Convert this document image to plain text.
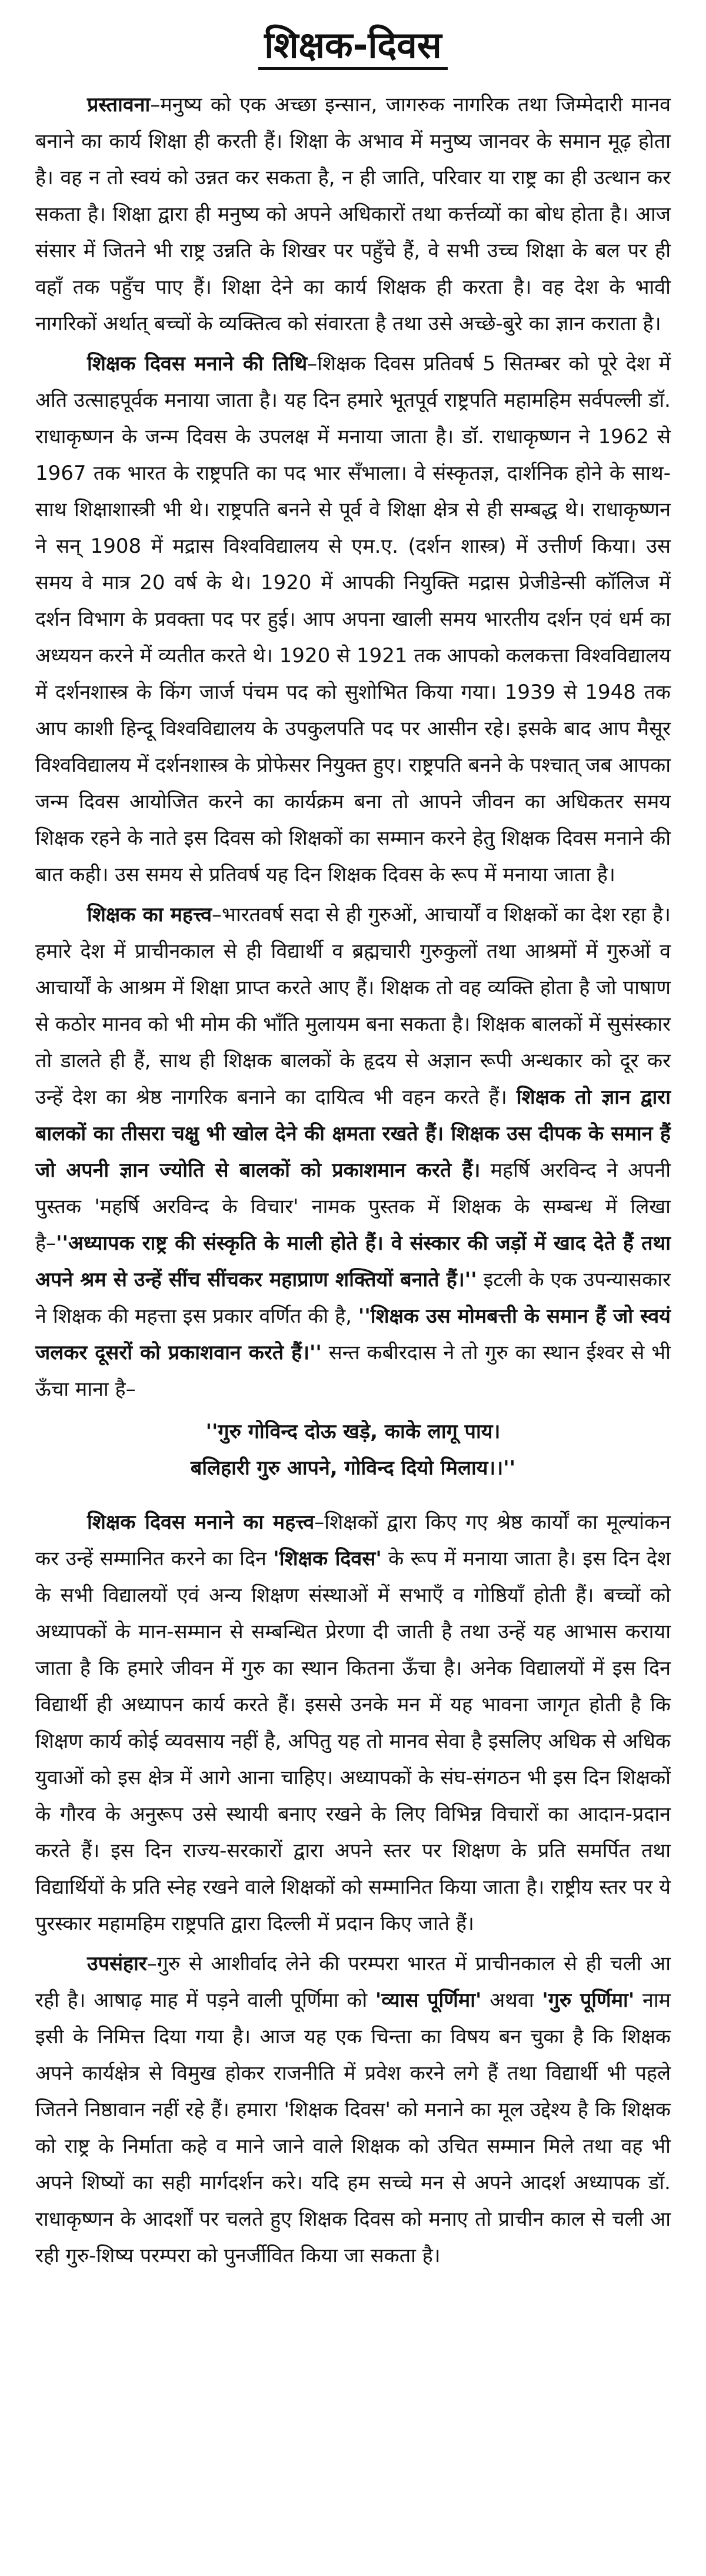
शिक्षक-दिवस

प्रस्तावना–मनुष्य को एक अच्छा इन्सान, जागरुक नागरिक तथा जिम्मेदारी मानव बनाने का कार्य शिक्षा ही करती हैं। शिक्षा के अभाव में मनुष्य जानवर के समान मूढ़ होता है। वह न तो स्वयं को उन्नत कर सकता है, न ही जाति, परिवार या राष्ट्र का ही उत्थान कर सकता है। शिक्षा द्वारा ही मनुष्य को अपने अधिकारों तथा कर्त्तव्यों का बोध होता है। आज संसार में जितने भी राष्ट्र उन्नति के शिखर पर पहुँचे हैं, वे सभी उच्च शिक्षा के बल पर ही वहाँ तक पहुँच पाए हैं। शिक्षा देने का कार्य शिक्षक ही करता है। वह देश के भावी नागरिकों अर्थात् बच्चों के व्यक्तित्व को संवारता है तथा उसे अच्छे-बुरे का ज्ञान कराता है।

शिक्षक दिवस मनाने की तिथि–शिक्षक दिवस प्रतिवर्ष 5 सितम्बर को पूरे देश में अति उत्साहपूर्वक मनाया जाता है। यह दिन हमारे भूतपूर्व राष्ट्रपति महामहिम सर्वपल्ली डॉ. राधाकृष्णन के जन्म दिवस के उपलक्ष में मनाया जाता है। डॉ. राधाकृष्णन ने 1962 से 1967 तक भारत के राष्ट्रपति का पद भार सँभाला। वे संस्कृतज्ञ, दार्शनिक होने के साथ-साथ शिक्षाशास्त्री भी थे। राष्ट्रपति बनने से पूर्व वे शिक्षा क्षेत्र से ही सम्बद्ध थे। राधाकृष्णन ने सन् 1908 में मद्रास विश्वविद्यालय से एम.ए. (दर्शन शास्त्र) में उत्तीर्ण किया। उस समय वे मात्र 20 वर्ष के थे। 1920 में आपकी नियुक्ति मद्रास प्रेजीडेन्सी कॉलिज में दर्शन विभाग के प्रवक्ता पद पर हुई। आप अपना खाली समय भारतीय दर्शन एवं धर्म का अध्ययन करने में व्यतीत करते थे। 1920 से 1921 तक आपको कलकत्ता विश्वविद्यालय में दर्शनशास्त्र के किंग जार्ज पंचम पद को सुशोभित किया गया। 1939 से 1948 तक आप काशी हिन्दू विश्वविद्यालय के उपकुलपति पद पर आसीन रहे। इसके बाद आप मैसूर विश्वविद्यालय में दर्शनशास्त्र के प्रोफेसर नियुक्त हुए। राष्ट्रपति बनने के पश्चात् जब आपका जन्म दिवस आयोजित करने का कार्यक्रम बना तो आपने जीवन का अधिकतर समय शिक्षक रहने के नाते इस दिवस को शिक्षकों का सम्मान करने हेतु शिक्षक दिवस मनाने की बात कही। उस समय से प्रतिवर्ष यह दिन शिक्षक दिवस के रूप में मनाया जाता है।

शिक्षक का महत्त्व–भारतवर्ष सदा से ही गुरुओं, आचार्यों व शिक्षकों का देश रहा है। हमारे देश में प्राचीनकाल से ही विद्यार्थी व ब्रह्मचारी गुरुकुलों तथा आश्रमों में गुरुओं व आचार्यों के आश्रम में शिक्षा प्राप्त करते आए हैं। शिक्षक तो वह व्यक्ति होता है जो पाषाण से कठोर मानव को भी मोम की भाँति मुलायम बना सकता है। शिक्षक बालकों में सुसंस्कार तो डालते ही हैं, साथ ही शिक्षक बालकों के हृदय से अज्ञान रूपी अन्धकार को दूर कर उन्हें देश का श्रेष्ठ नागरिक बनाने का दायित्व भी वहन करते हैं। शिक्षक तो ज्ञान द्वारा बालकों का तीसरा चक्षु भी खोल देने की क्षमता रखते हैं। शिक्षक उस दीपक के समान हैं जो अपनी ज्ञान ज्योति से बालकों को प्रकाशमान करते हैं। महर्षि अरविन्द ने अपनी पुस्तक 'महर्षि अरविन्द के विचार' नामक पुस्तक में शिक्षक के सम्बन्ध में लिखा है–''अध्यापक राष्ट्र की संस्कृति के माली होते हैं। वे संस्कार की जड़ों में खाद देते हैं तथा अपने श्रम से उन्हें सींच सींचकर महाप्राण शक्तियों बनाते हैं।'' इटली के एक उपन्यासकार ने शिक्षक की महत्ता इस प्रकार वर्णित की है, ''शिक्षक उस मोमबत्ती के समान हैं जो स्वयं जलकर दूसरों को प्रकाशवान करते हैं।'' सन्त कबीरदास ने तो गुरु का स्थान ईश्वर से भी ऊँचा माना है–

''गुरु गोविन्द दोऊ खड़े, काके लागू पाय।
बलिहारी गुरु आपने, गोविन्द दियो मिलाय।।''

शिक्षक दिवस मनाने का महत्त्व–शिक्षकों द्वारा किए गए श्रेष्ठ कार्यों का मूल्यांकन कर उन्हें सम्मानित करने का दिन 'शिक्षक दिवस' के रूप में मनाया जाता है। इस दिन देश के सभी विद्यालयों एवं अन्य शिक्षण संस्थाओं में सभाएँ व गोष्ठियाँ होती हैं। बच्चों को अध्यापकों के मान-सम्मान से सम्बन्धित प्रेरणा दी जाती है तथा उन्हें यह आभास कराया जाता है कि हमारे जीवन में गुरु का स्थान कितना ऊँचा है। अनेक विद्यालयों में इस दिन विद्यार्थी ही अध्यापन कार्य करते हैं। इससे उनके मन में यह भावना जागृत होती है कि शिक्षण कार्य कोई व्यवसाय नहीं है, अपितु यह तो मानव सेवा है इसलिए अधिक से अधिक युवाओं को इस क्षेत्र में आगे आना चाहिए। अध्यापकों के संघ-संगठन भी इस दिन शिक्षकों के गौरव के अनुरूप उसे स्थायी बनाए रखने के लिए विभिन्न विचारों का आदान-प्रदान करते हैं। इस दिन राज्य-सरकारों द्वारा अपने स्तर पर शिक्षण के प्रति समर्पित तथा विद्यार्थियों के प्रति स्नेह रखने वाले शिक्षकों को सम्मानित किया जाता है। राष्ट्रीय स्तर पर ये पुरस्कार महामहिम राष्ट्रपति द्वारा दिल्ली में प्रदान किए जाते हैं।

उपसंहार–गुरु से आशीर्वाद लेने की परम्परा भारत में प्राचीनकाल से ही चली आ रही है। आषाढ़ माह में पड़ने वाली पूर्णिमा को 'व्यास पूर्णिमा' अथवा 'गुरु पूर्णिमा' नाम इसी के निमित्त दिया गया है। आज यह एक चिन्ता का विषय बन चुका है कि शिक्षक अपने कार्यक्षेत्र से विमुख होकर राजनीति में प्रवेश करने लगे हैं तथा विद्यार्थी भी पहले जितने निष्ठावान नहीं रहे हैं। हमारा 'शिक्षक दिवस' को मनाने का मूल उद्देश्य है कि शिक्षक को राष्ट्र के निर्माता कहे व माने जाने वाले शिक्षक को उचित सम्मान मिले तथा वह भी अपने शिष्यों का सही मार्गदर्शन करे। यदि हम सच्चे मन से अपने आदर्श अध्यापक डॉ. राधाकृष्णन के आदर्शों पर चलते हुए शिक्षक दिवस को मनाए तो प्राचीन काल से चली आ रही गुरु-शिष्य परम्परा को पुनर्जीवित किया जा सकता है।
